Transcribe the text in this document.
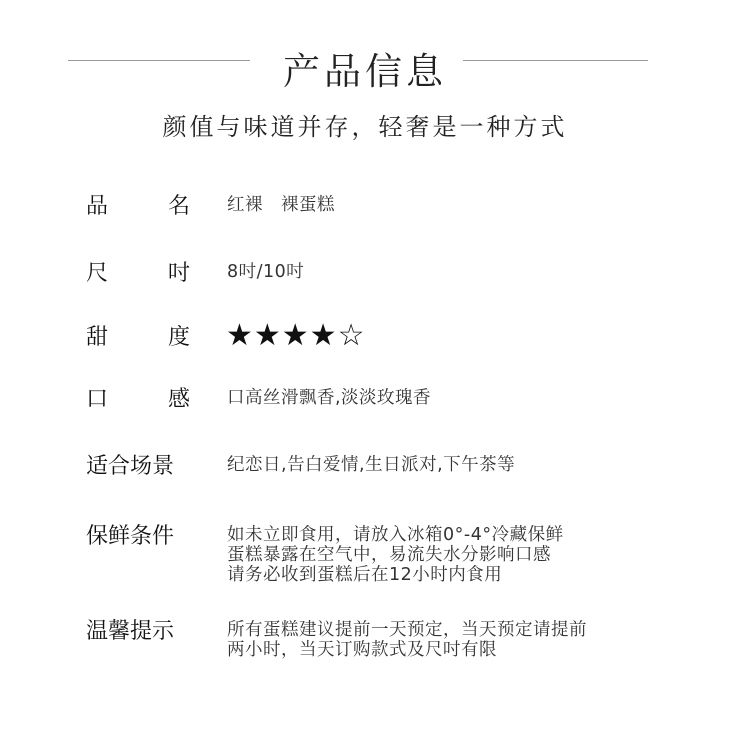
产品信息
颜值与味道并存，轻奢是一种方式
品	名 红裸　裸蛋糕
尺	吋 8吋/10吋
甜	度 ★★★★☆
口	感 口高丝滑飘香,淡淡玫瑰香
适合场景	纪恋日,告白爱情,生日派对,下午茶等
保鲜条件	如未立即食用，请放入冰箱0°-4°冷藏保鲜
蛋糕暴露在空气中，易流失水分影响口感
请务必收到蛋糕后在12小时内食用
温馨提示	所有蛋糕建议提前一天预定，当天预定请提前
两小时，当天订购款式及尺吋有限
